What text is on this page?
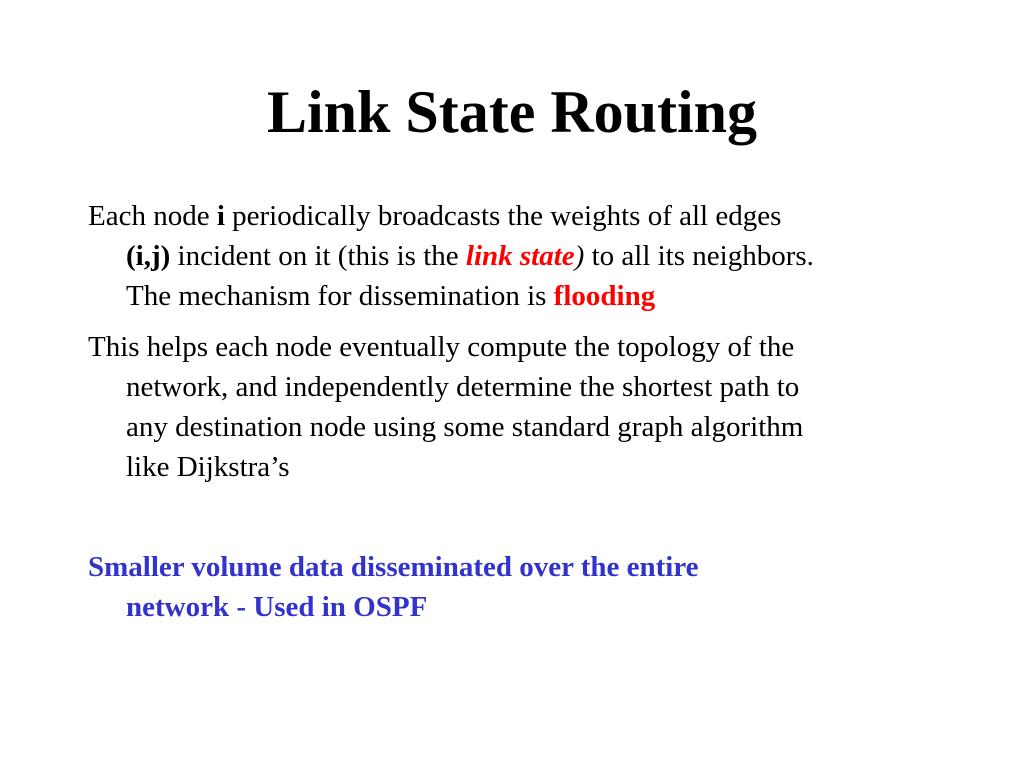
Link State Routing
Each node i periodically broadcasts the weights of all edges
(i,j) incident on it (this is the link state) to all its neighbors.
The mechanism for dissemination is flooding
This helps each node eventually compute the topology of the
network, and independently determine the shortest path to
any destination node using some standard graph algorithm
like Dijkstra’s
Smaller volume data disseminated over the entire
network - Used in OSPF
